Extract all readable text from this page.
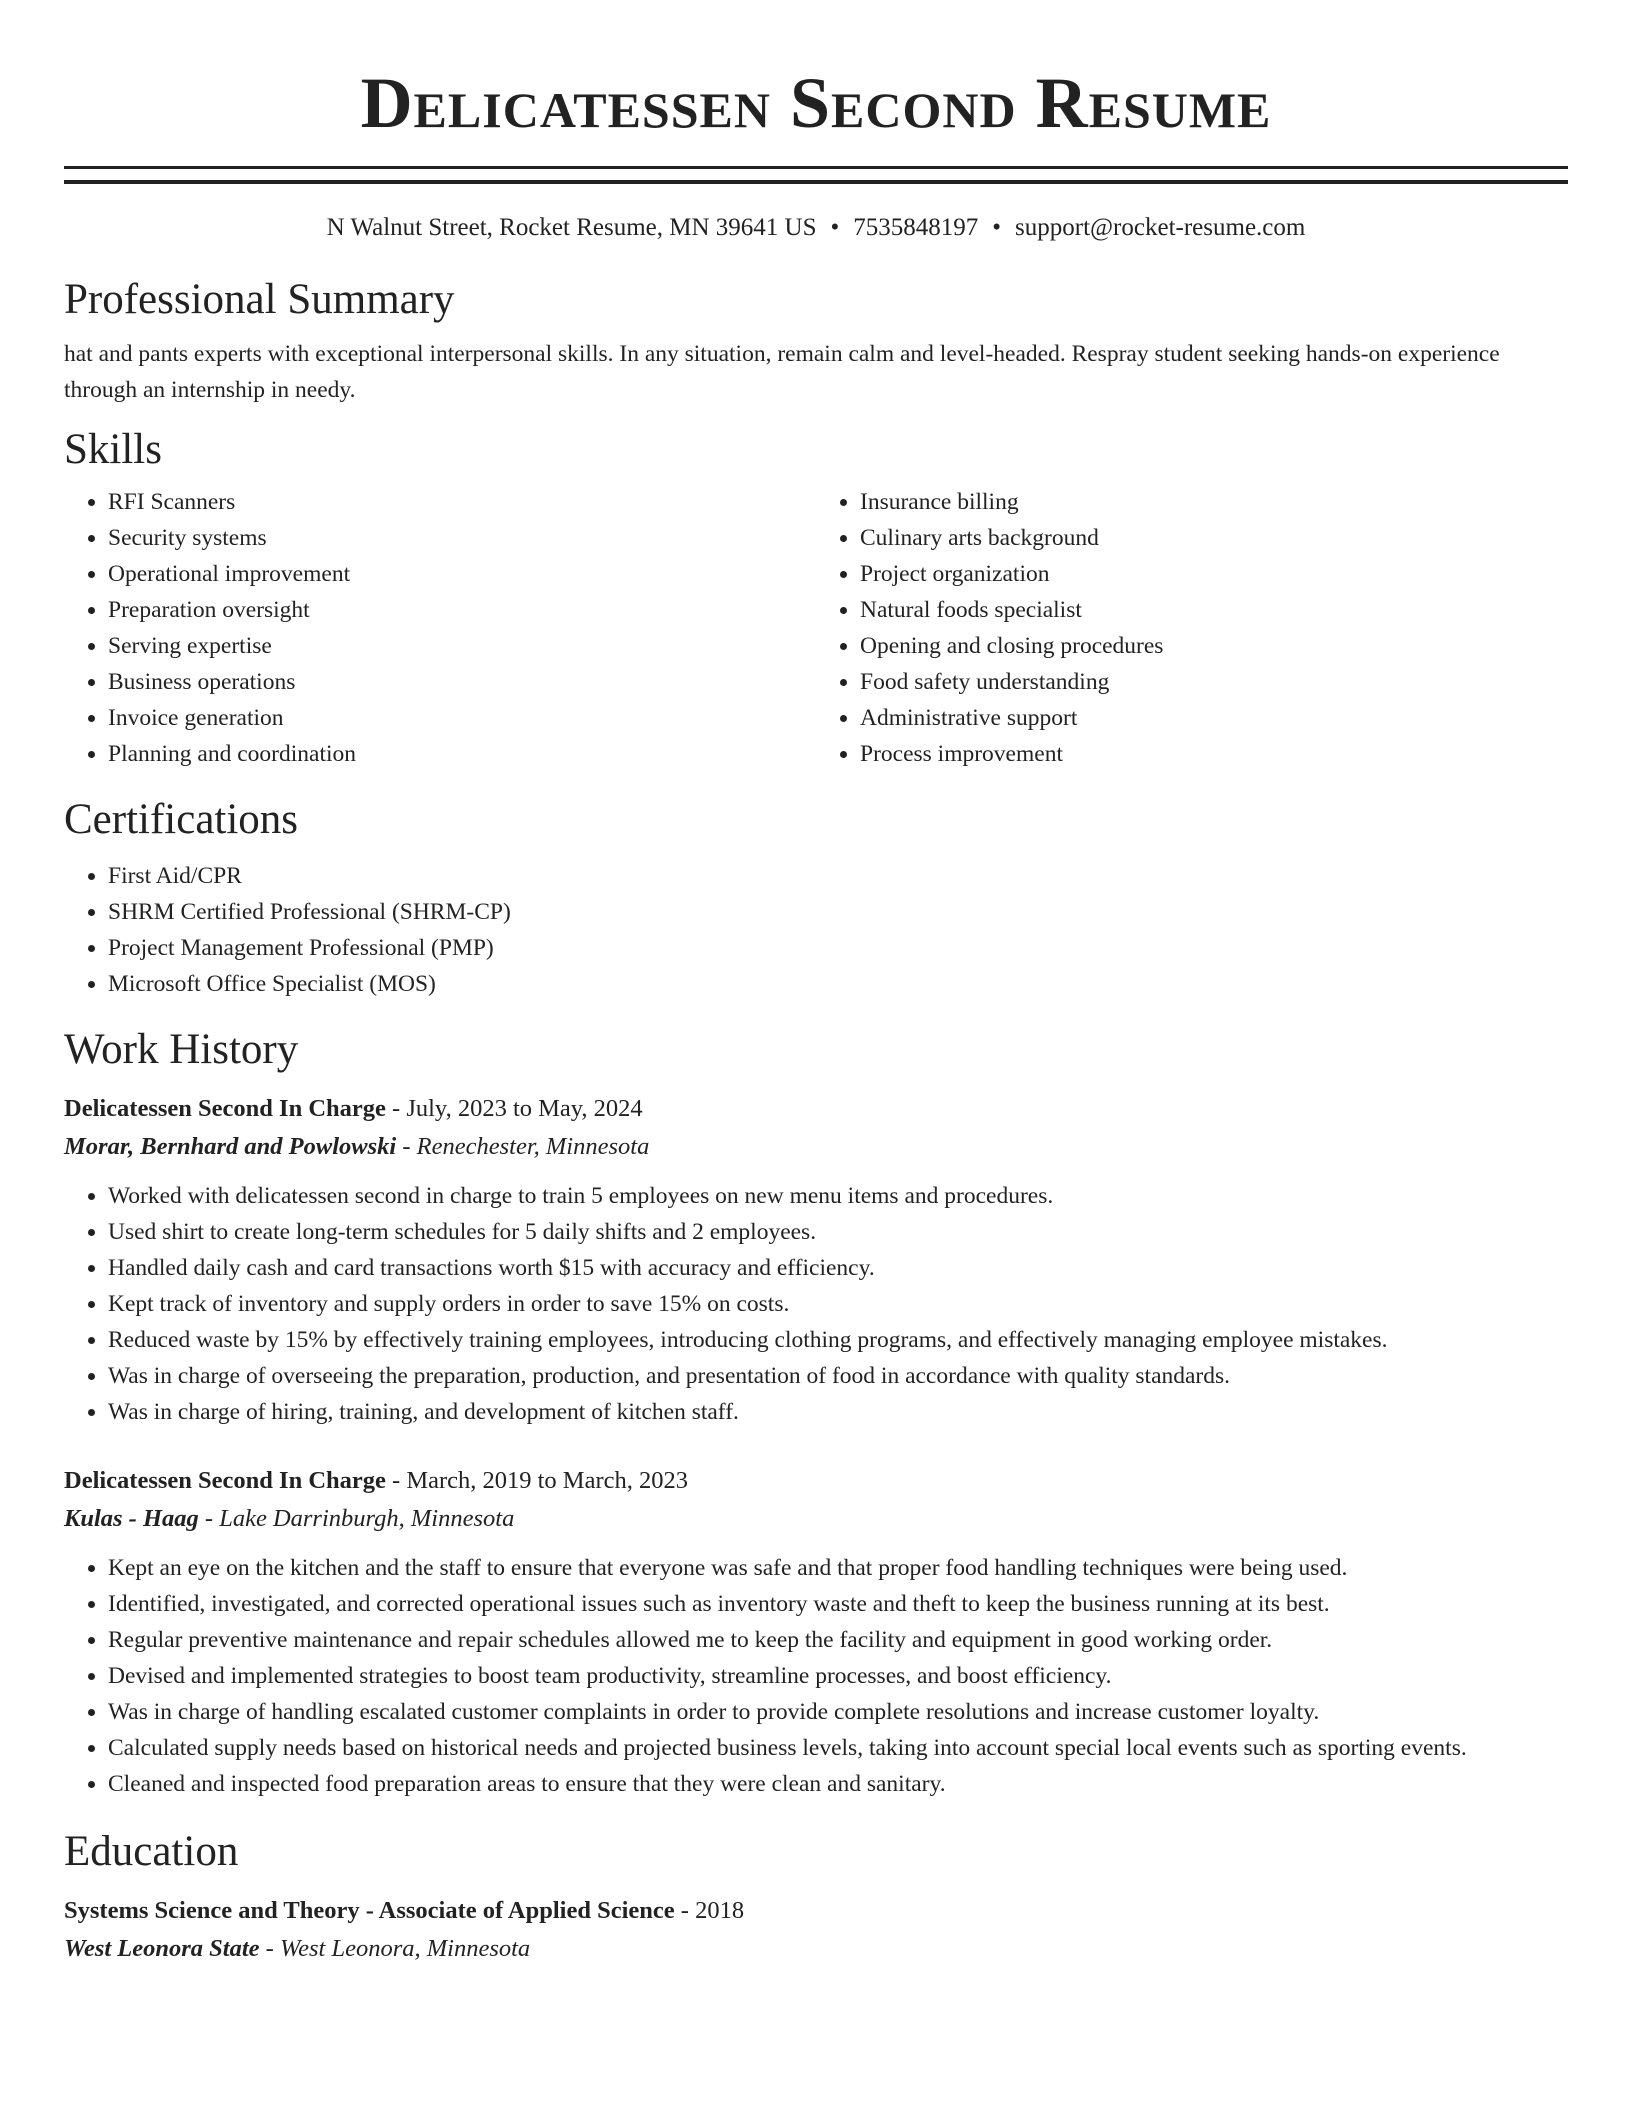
Delicatessen Second Resume
N Walnut Street, Rocket Resume, MN 39641 US • 7535848197 • support@rocket-resume.com
Professional Summary

hat and pants experts with exceptional interpersonal skills. In any situation, remain calm and level-headed. Respray student seeking hands-on experience through an internship in needy.

Skills
• RFI Scanners
• Security systems
• Operational improvement
• Preparation oversight
• Serving expertise
• Business operations
• Invoice generation
• Planning and coordination
• Insurance billing
• Culinary arts background
• Project organization
• Natural foods specialist
• Opening and closing procedures
• Food safety understanding
• Administrative support
• Process improvement
Certifications
• First Aid/CPR
• SHRM Certified Professional (SHRM-CP)
• Project Management Professional (PMP)
• Microsoft Office Specialist (MOS)
Work History

Delicatessen Second In Charge - July, 2023 to May, 2024

Morar, Bernhard and Powlowski - Renechester, Minnesota

• Worked with delicatessen second in charge to train 5 employees on new menu items and procedures.
• Used shirt to create long-term schedules for 5 daily shifts and 2 employees.
• Handled daily cash and card transactions worth $15 with accuracy and efficiency.
• Kept track of inventory and supply orders in order to save 15% on costs.
• Reduced waste by 15% by effectively training employees, introducing clothing programs, and effectively managing employee mistakes.
• Was in charge of overseeing the preparation, production, and presentation of food in accordance with quality standards.
• Was in charge of hiring, training, and development of kitchen staff.

Delicatessen Second In Charge - March, 2019 to March, 2023

Kulas - Haag - Lake Darrinburgh, Minnesota

• Kept an eye on the kitchen and the staff to ensure that everyone was safe and that proper food handling techniques were being used.
• Identified, investigated, and corrected operational issues such as inventory waste and theft to keep the business running at its best.
• Regular preventive maintenance and repair schedules allowed me to keep the facility and equipment in good working order.
• Devised and implemented strategies to boost team productivity, streamline processes, and boost efficiency.
• Was in charge of handling escalated customer complaints in order to provide complete resolutions and increase customer loyalty.
• Calculated supply needs based on historical needs and projected business levels, taking into account special local events such as sporting events.
• Cleaned and inspected food preparation areas to ensure that they were clean and sanitary.
Education

Systems Science and Theory - Associate of Applied Science - 2018

West Leonora State - West Leonora, Minnesota
